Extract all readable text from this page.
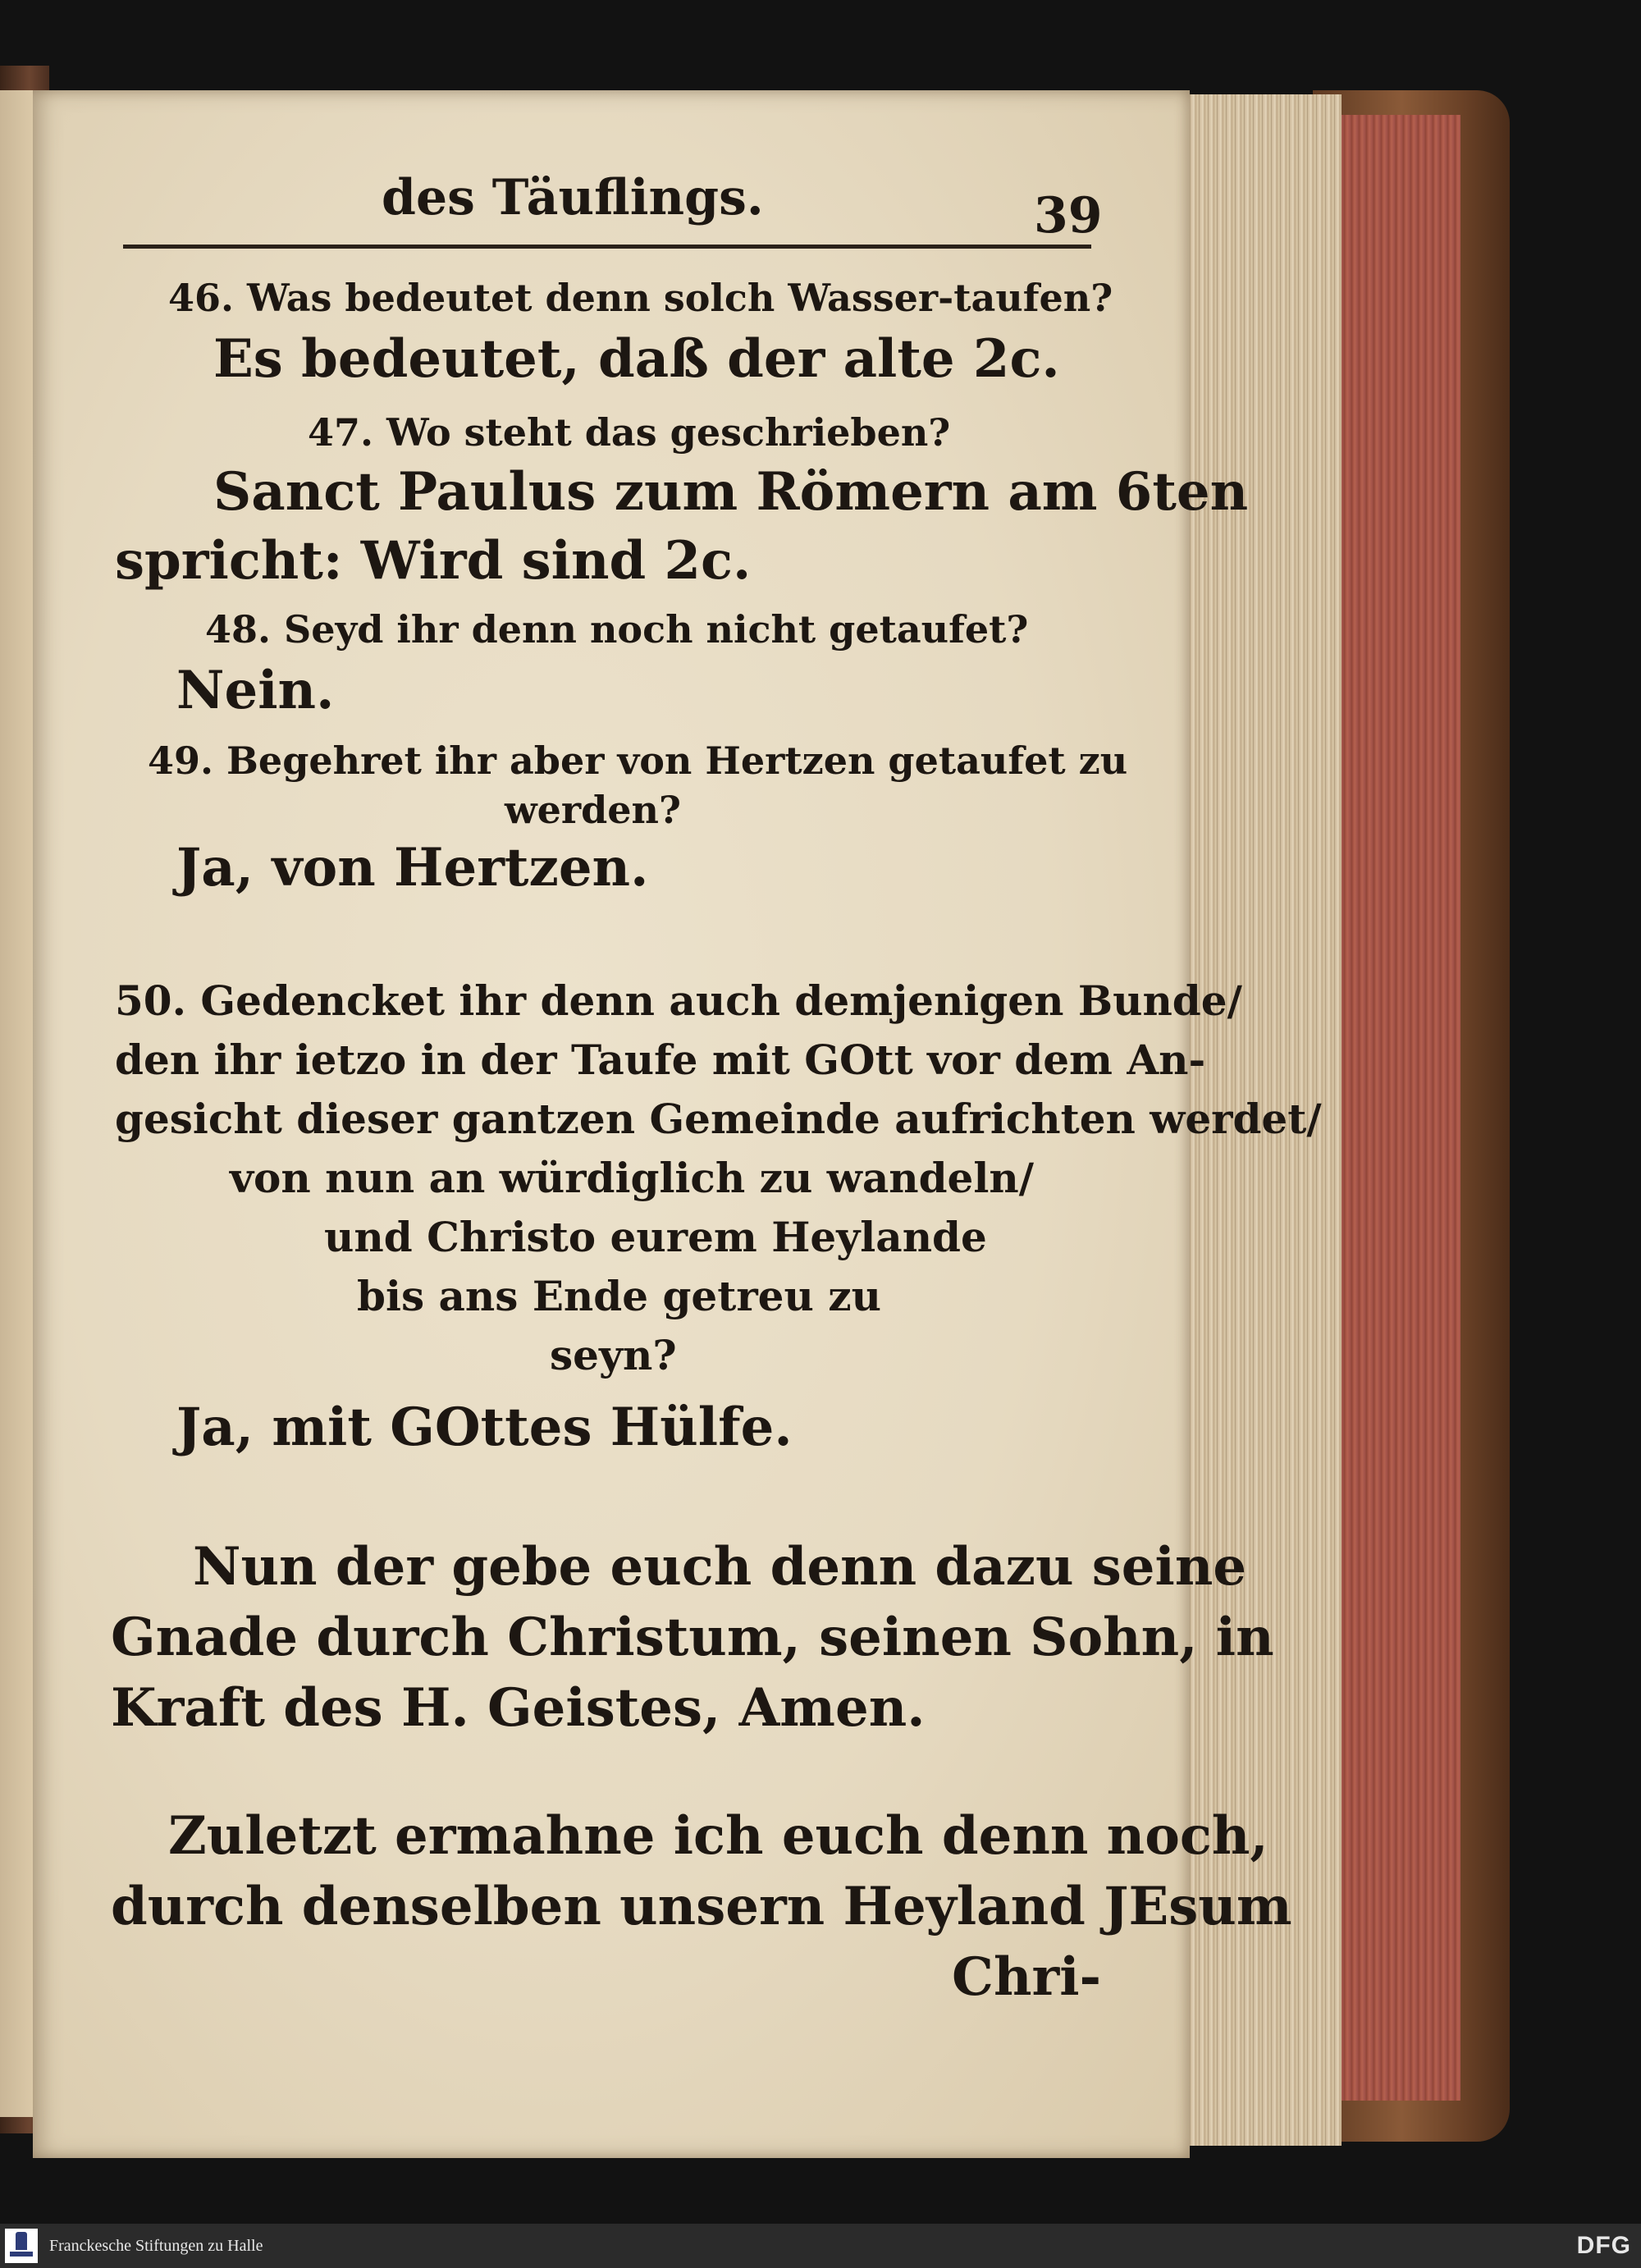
des Täuflings.	39
46. Was bedeutet denn solch Wasser-taufen?
Es bedeutet, daß der alte 2c.
47. Wo steht das geschrieben?
Sanct Paulus zum Römern am 6ten
spricht: Wird sind 2c.
48. Seyd ihr denn noch nicht getaufet?
Nein.
49. Begehret ihr aber von Hertzen getaufet zu
werden?
Ja, von Hertzen.
50. Gedencket ihr denn auch demjenigen Bunde/
den ihr ietzo in der Taufe mit GOtt vor dem An-
gesicht dieser gantzen Gemeinde aufrichten werdet/
von nun an würdiglich zu wandeln/
und Christo eurem Heylande
bis ans Ende getreu zu
seyn?
Ja, mit GOttes Hülfe.
Nun der gebe euch denn dazu seine
Gnade durch Christum, seinen Sohn, in
Kraft des H. Geistes, Amen.
Zuletzt ermahne ich euch denn noch,
durch denselben unsern Heyland JEsum
Chri-
Franckesche Stiftungen zu Halle	DFG
